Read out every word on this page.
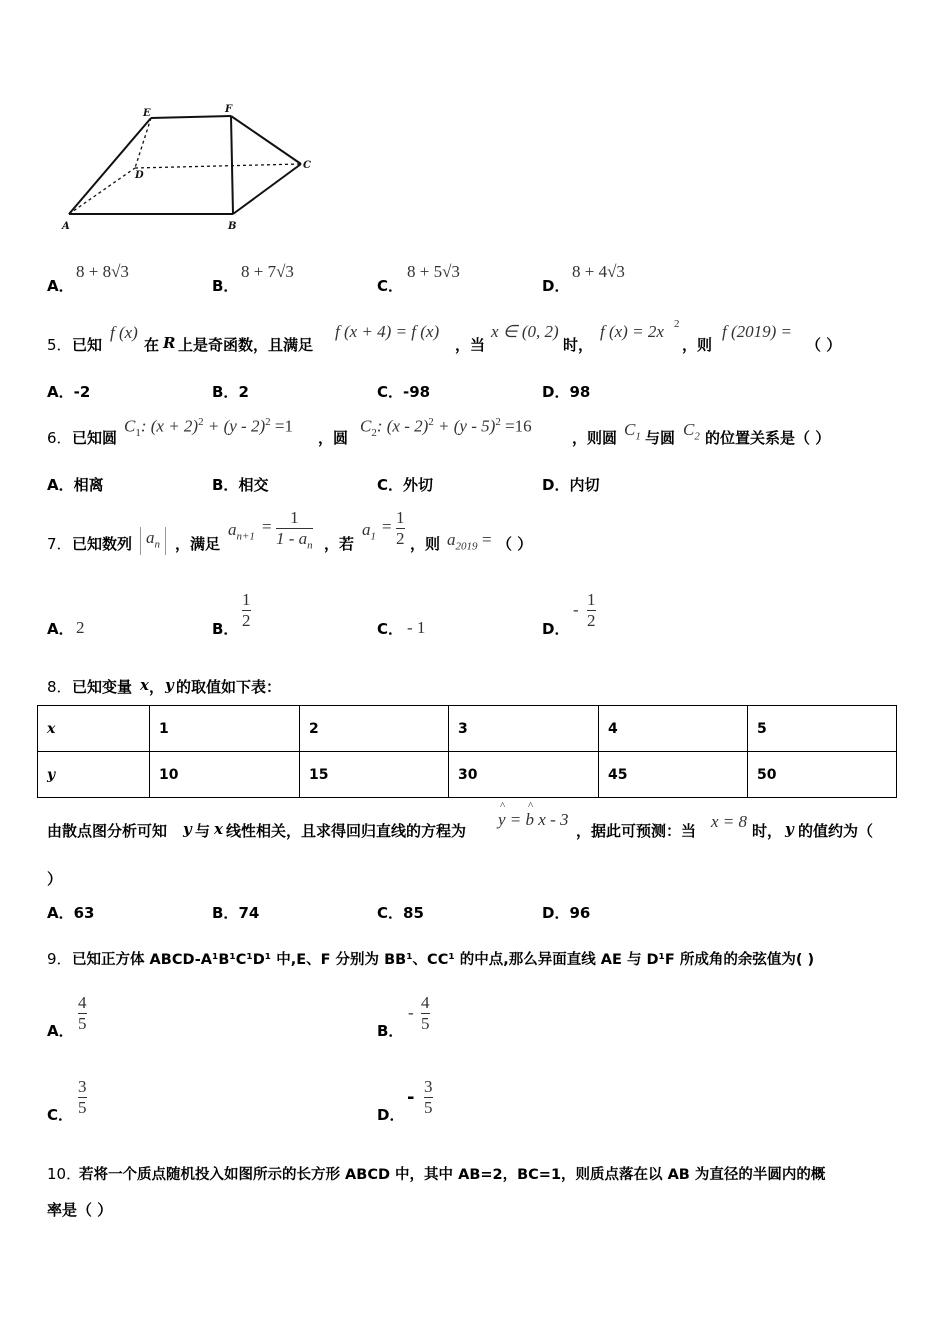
E	F
C
D
A	B
A．
8 + 8√3
B．
8 + 7√3
C．
8 + 5√3
D．
8 + 4√3
5． 已知
f (x)
在 R 上是奇函数，且满足
f (x + 4) = f (x)
，当
x ∈ (0, 2)
时，
f (x) = 2x 2
，则
f (2019) =
（ ）
A．-2	B．2	C．-98	D．98
6． 已知圆
$C_1$: $(x + 2)^2 + (y - 2)^2 =1$
，圆
$C_2$: (x - 2)$^2$ + (y - 5)$^2$ =16
，则圆 $C_1$ 与圆 $C_2$ 的位置关系是（ ）
A．相离	B．相交	C．外切	D．内切
7． 已知数列 $a_n$	，满足
$a_{n+1}$
= 1
$1 - a_n$ ，若
$a_1$
= 1
2 ，则 $a_{2019}$ = （ ）
A． 2	B．
1
2	C． - 1	D．
-
1
2
8． 已知变量 x ， y 的取值如下表：
x	1	2	3	4	5
y	10	15	30	45	50
由散点图分析可知 y 与 x 线性相关，且求得回归直线的方程为
y = b x - 3
^ ^
，据此可预测：当 x = 8 时， y 的值约为（
）
A．63	B．74	C．85	D．96
9． 已知正方体 ABCD-A¹B¹C¹D¹ 中,E、F 分别为 BB¹、CC¹ 的中点,那么异面直线 AE 与 D¹F 所成角的余弦值为( )
A．
4
5	B．
-
4
5
C．
3
5	D．
-
3
5
10．
若将一个质点随机投入如图所示的长方形 ABCD 中，其中 AB=2，BC=1，则质点落在以 AB 为直径的半圆内的概
率是（ ）
